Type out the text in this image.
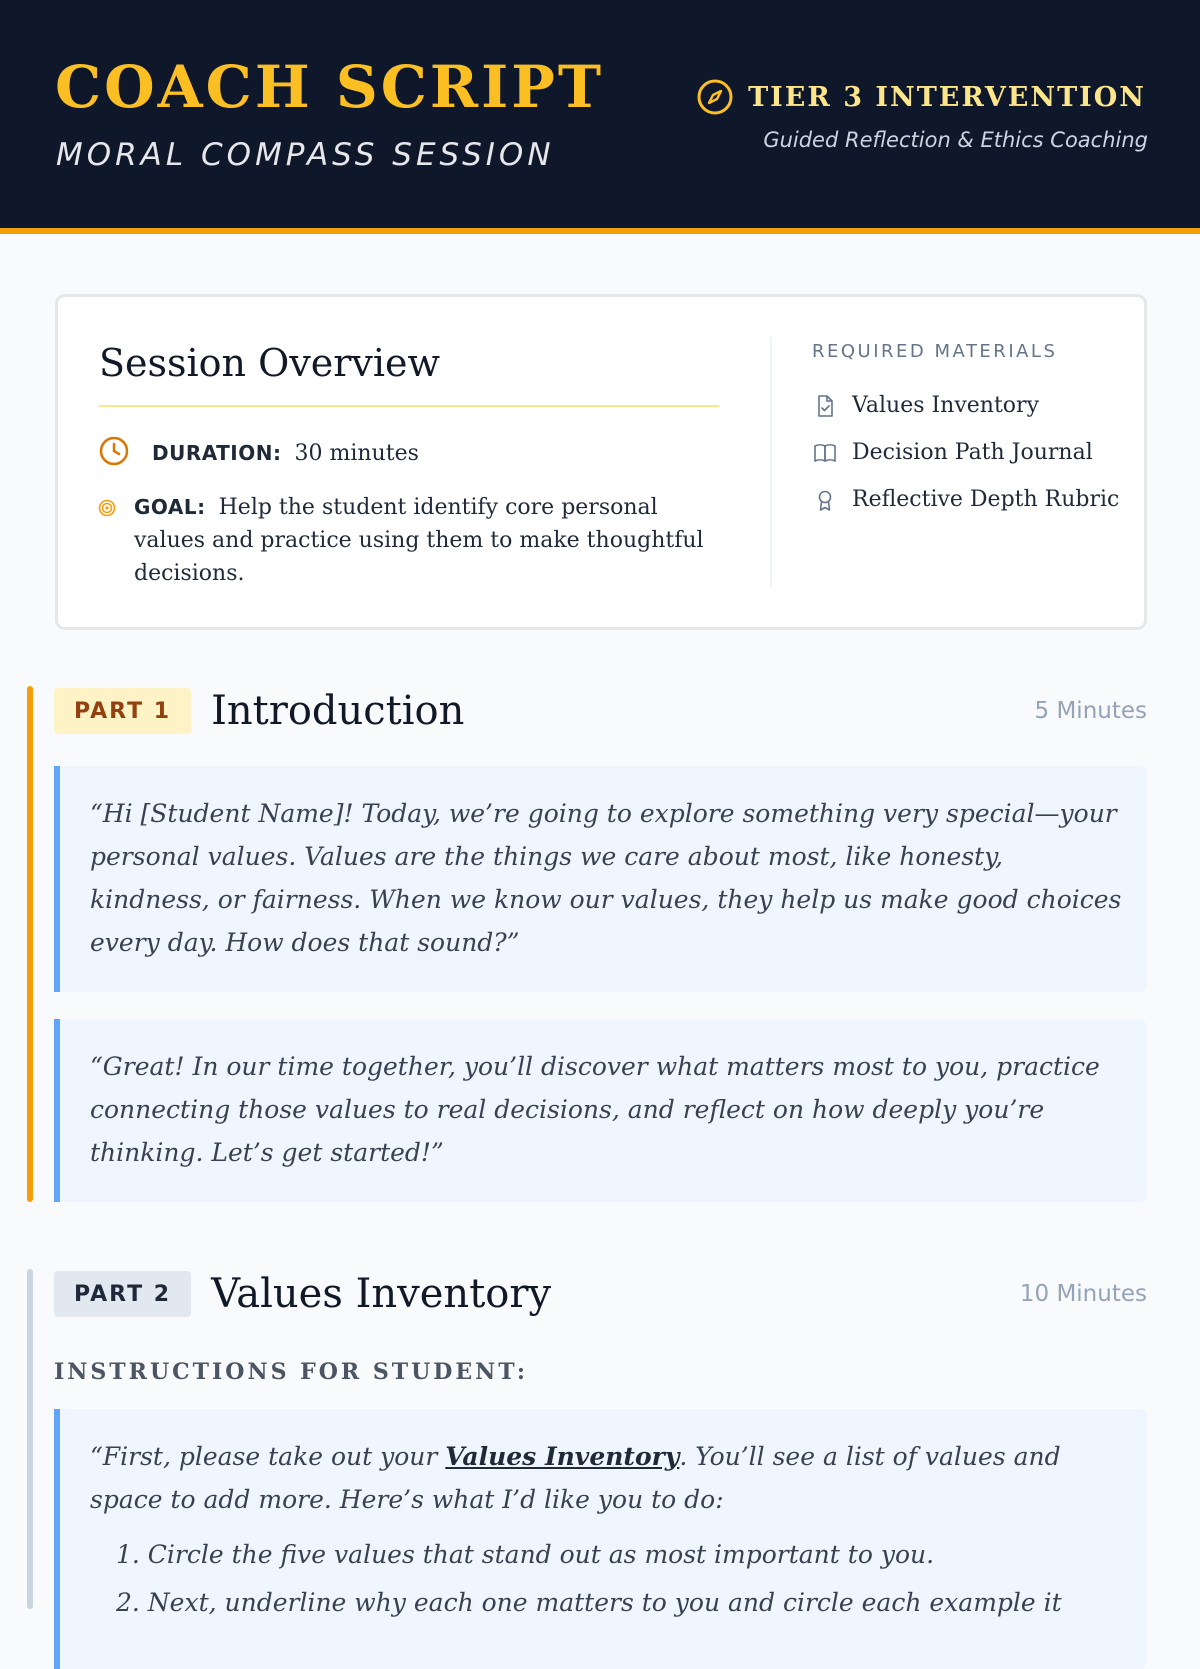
COACH SCRIPT
MORAL COMPASS SESSION
TIER 3 INTERVENTION
Guided Reflection & Ethics Coaching
Session Overview
DURATION: 30 minutes
GOAL: Help the student identify core personal values and practice using them to make thoughtful decisions.
REQUIRED MATERIALS
Values Inventory
Decision Path Journal
Reflective Depth Rubric
PART 1	Introduction	5 Minutes
“Hi [Student Name]! Today, we’re going to explore something very special—your personal values. Values are the things we care about most, like honesty, kindness, or fairness. When we know our values, they help us make good choices every day. How does that sound?”
“Great! In our time together, you’ll discover what matters most to you, practice connecting those values to real decisions, and reflect on how deeply you’re thinking. Let’s get started!”
PART 2	Values Inventory	10 Minutes
INSTRUCTIONS FOR STUDENT:
“First, please take out your Values Inventory. You’ll see a list of values and space to add more. Here’s what I’d like you to do:
1. Circle the five values that stand out as most important to you.
2. Next, underline why each one matters to you and circle each example it
